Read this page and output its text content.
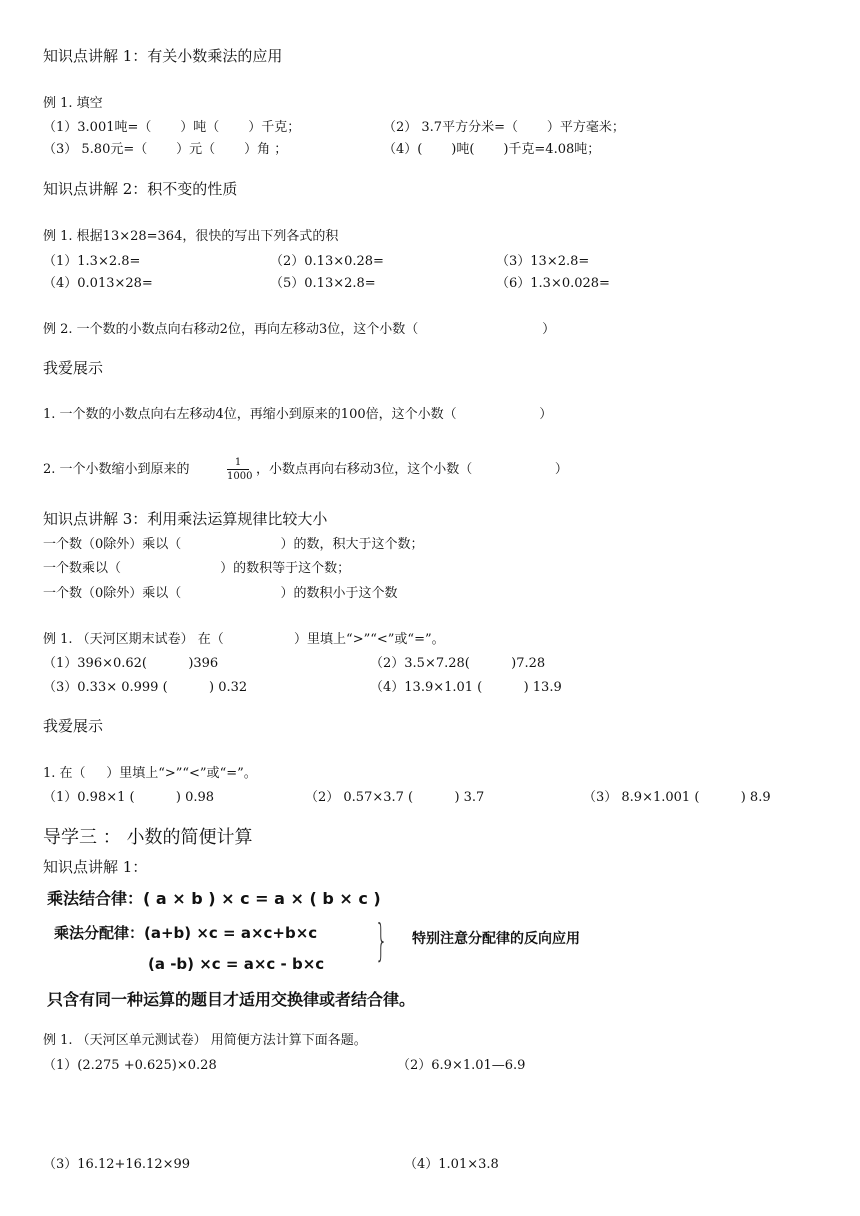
知识点讲解 1：有关小数乘法的应用
例 1. 填空
（1）3.001吨=（       ）吨（       ）千克；	（2） 3.7平方分米=（       ）平方毫米；
（3） 5.80元=（       ）元（       ）角 ；	（4）(       )吨(       )千克=4.08吨；
知识点讲解 2：积不变的性质
例 1. 根据13×28=364，很快的写出下列各式的积
（1）1.3×2.8=	（2）0.13×0.28=	（3）13×2.8=
（4）0.013×28=	（5）0.13×2.8=	（6）1.3×0.028=
例 2. 一个数的小数点向右移动2位，再向左移动3位，这个小数（                              ）
我爱展示
1. 一个数的小数点向右左移动4位，再缩小到原来的100倍，这个小数（                    ）
2. 一个小数缩小到原来的	1
1000 ，小数点再向右移动3位，这个小数（                    ）
知识点讲解 3：利用乘法运算规律比较大小
一个数（0除外）乘以（                        ）的数，积大于这个数；
一个数乘以（                        ）的数积等于这个数；
一个数（0除外）乘以（                        ）的数积小于这个数
例 1. （天河区期末试卷） 在（                 ）里填上“>”“<”或“=”。
（1）396×0.62(          )396	（2）3.5×7.28(          )7.28
（3）0.33× 0.999 (          ) 0.32	（4）13.9×1.01 (          ) 13.9
我爱展示
1. 在（     ）里填上“>”“<”或“=”。
（1）0.98×1 (          ) 0.98	（2） 0.57×3.7 (          ) 3.7	（3） 8.9×1.001 (          ) 8.9
导学三 ： 小数的简便计算
知识点讲解 1：
乘法结合律：( a × b ) × c = a × ( b × c )
乘法分配律：(a+b) ×c = a×c+b×c
(a -b) ×c = a×c - b×c } 特别注意分配律的反向应用
只含有同一种运算的题目才适用交换律或者结合律。
例 1. （天河区单元测试卷） 用简便方法计算下面各题。
（1）(2.275 +0.625)×0.28	（2）6.9×1.01—6.9
（3）16.12+16.12×99	（4）1.01×3.8
